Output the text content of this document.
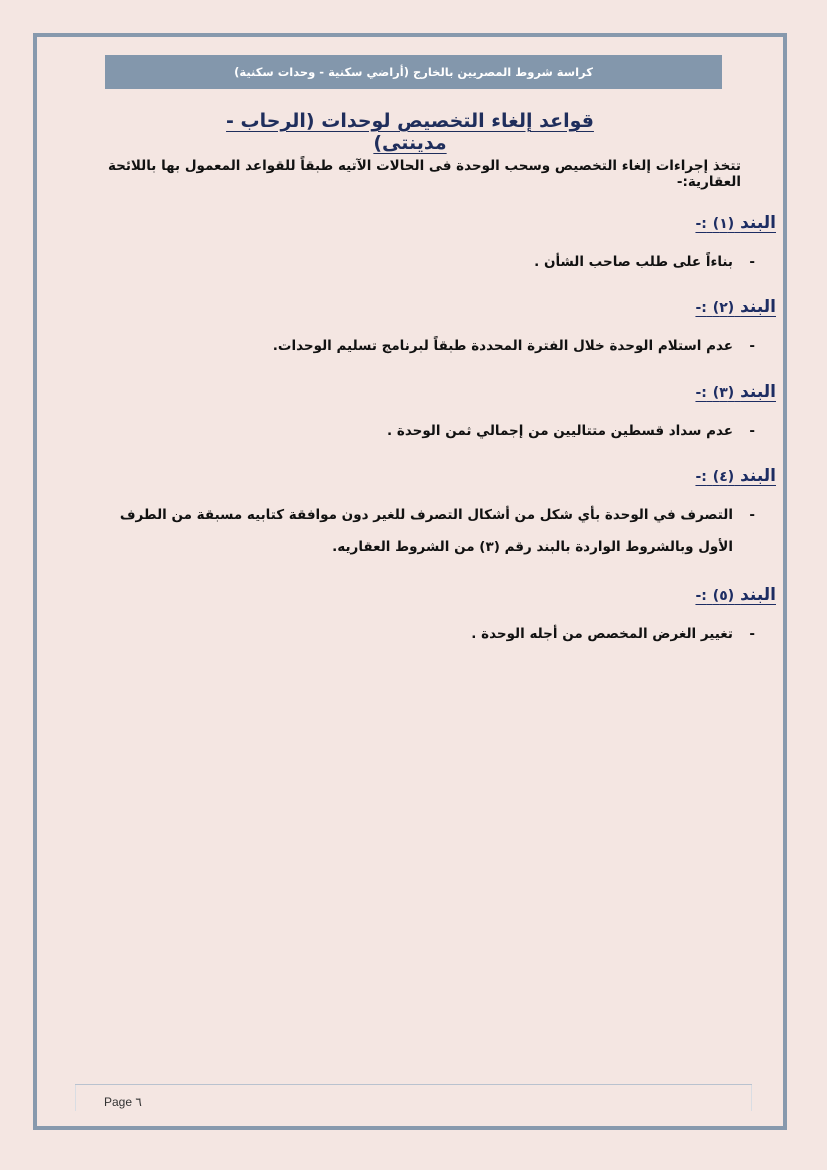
كراسة شروط المصريين بالخارج (أراضي سكنية - وحدات سكنية)
قواعد إلغاء التخصيص لوحدات (الرحاب - مدينتى)
تتخذ إجراءات إلغاء التخصيص وسحب الوحدة فى الحالات الآتيه طبقاً للقواعد المعمول بها باللائحة العقارية:-
البند (١) :-
-
بناءاً على طلب صاحب الشأن .
البند (٢) :-
-
عدم استلام الوحدة خلال الفترة المحددة طبقاً لبرنامج تسليم الوحدات.
البند (٣) :-
-
عدم سداد قسطين متتاليين من إجمالي ثمن الوحدة .
البند (٤) :-
-
التصرف في الوحدة بأي شكل من أشكال التصرف للغير دون موافقة كتابيه مسبقة من الطرف الأول وبالشروط الواردة بالبند رقم (٣) من الشروط العقاريه.
البند (٥) :-
-
تغيير الغرض المخصص من أجله الوحدة .
Page ٦
